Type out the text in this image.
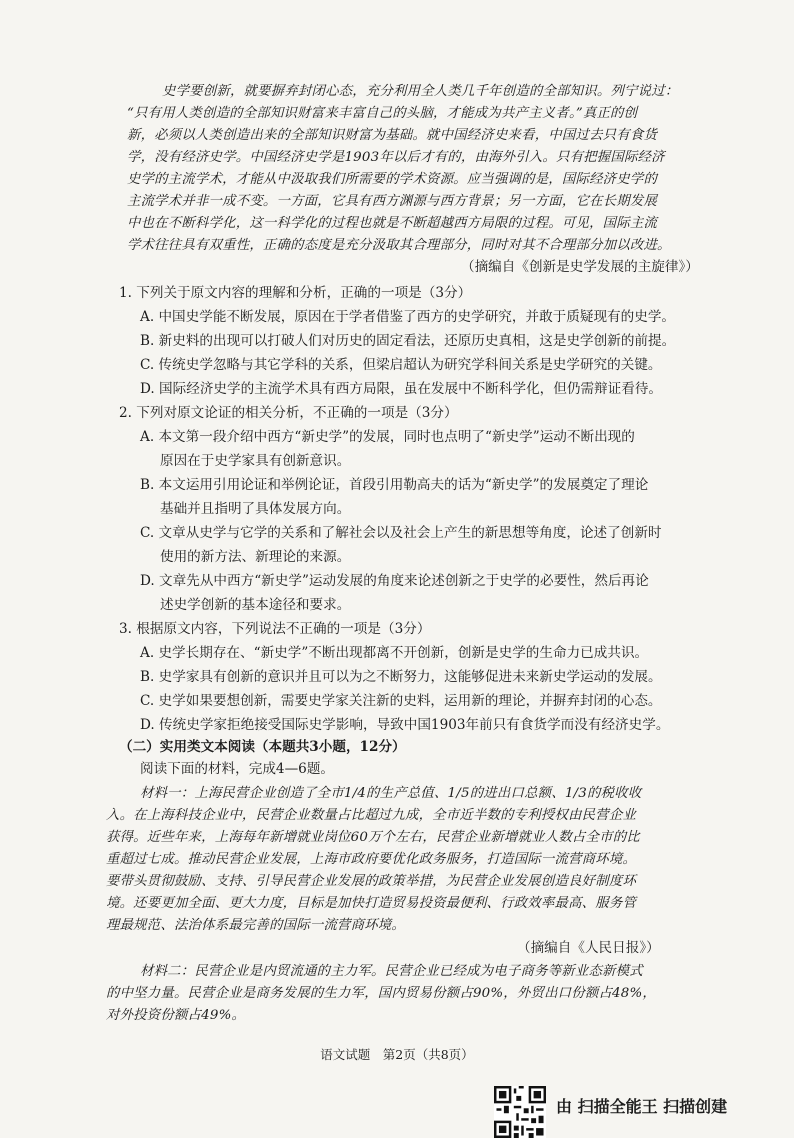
史学要创新，就要摒弃封闭心态，充分利用全人类几千年创造的全部知识。列宁说过：

“只有用人类创造的全部知识财富来丰富自己的头脑，才能成为共产主义者。”真正的创

新，必须以人类创造出来的全部知识财富为基础。就中国经济史来看，中国过去只有食货

学，没有经济史学。中国经济史学是1903年以后才有的，由海外引入。只有把握国际经济

史学的主流学术，才能从中汲取我们所需要的学术资源。应当强调的是，国际经济史学的

主流学术并非一成不变。一方面，它具有西方渊源与西方背景；另一方面，它在长期发展

中也在不断科学化，这一科学化的过程也就是不断超越西方局限的过程。可见，国际主流

学术往往具有双重性，正确的态度是充分汲取其合理部分，同时对其不合理部分加以改进。

（摘编自《创新是史学发展的主旋律》）

1. 下列关于原文内容的理解和分析，正确的一项是（3分）

A. 中国史学能不断发展，原因在于学者借鉴了西方的史学研究，并敢于质疑现有的史学。

B. 新史料的出现可以打破人们对历史的固定看法，还原历史真相，这是史学创新的前提。

C. 传统史学忽略与其它学科的关系，但梁启超认为研究学科间关系是史学研究的关键。

D. 国际经济史学的主流学术具有西方局限，虽在发展中不断科学化，但仍需辩证看待。

2. 下列对原文论证的相关分析，不正确的一项是（3分）

A. 本文第一段介绍中西方“新史学”的发展，同时也点明了“新史学”运动不断出现的

原因在于史学家具有创新意识。

B. 本文运用引用论证和举例论证，首段引用勒高夫的话为“新史学”的发展奠定了理论

基础并且指明了具体发展方向。

C. 文章从史学与它学的关系和了解社会以及社会上产生的新思想等角度，论述了创新时

使用的新方法、新理论的来源。

D. 文章先从中西方“新史学”运动发展的角度来论述创新之于史学的必要性，然后再论

述史学创新的基本途径和要求。

3. 根据原文内容，下列说法不正确的一项是（3分）

A. 史学长期存在、“新史学”不断出现都离不开创新，创新是史学的生命力已成共识。

B. 史学家具有创新的意识并且可以为之不断努力，这能够促进未来新史学运动的发展。

C. 史学如果要想创新，需要史学家关注新的史料，运用新的理论，并摒弃封闭的心态。

D. 传统史学家拒绝接受国际史学影响，导致中国1903年前只有食货学而没有经济史学。

（二）实用类文本阅读（本题共3小题，12分）

阅读下面的材料，完成4—6题。

材料一：上海民营企业创造了全市1/4的生产总值、1/5的进出口总额、1/3的税收收

入。在上海科技企业中，民营企业数量占比超过九成，全市近半数的专利授权由民营企业

获得。近些年来，上海每年新增就业岗位60万个左右，民营企业新增就业人数占全市的比

重超过七成。推动民营企业发展，上海市政府要优化政务服务，打造国际一流营商环境。

要带头贯彻鼓励、支持、引导民营企业发展的政策举措，为民营企业发展创造良好制度环

境。还要更加全面、更大力度，目标是加快打造贸易投资最便利、行政效率最高、服务管

理最规范、法治体系最完善的国际一流营商环境。

（摘编自《人民日报》）

材料二：民营企业是内贸流通的主力军。民营企业已经成为电子商务等新业态新模式

的中坚力量。民营企业是商务发展的生力军，国内贸易份额占90%，外贸出口份额占48%，

对外投资份额占49%。

语文试题　第2页（共8页）

由 扫描全能王 扫描创建
